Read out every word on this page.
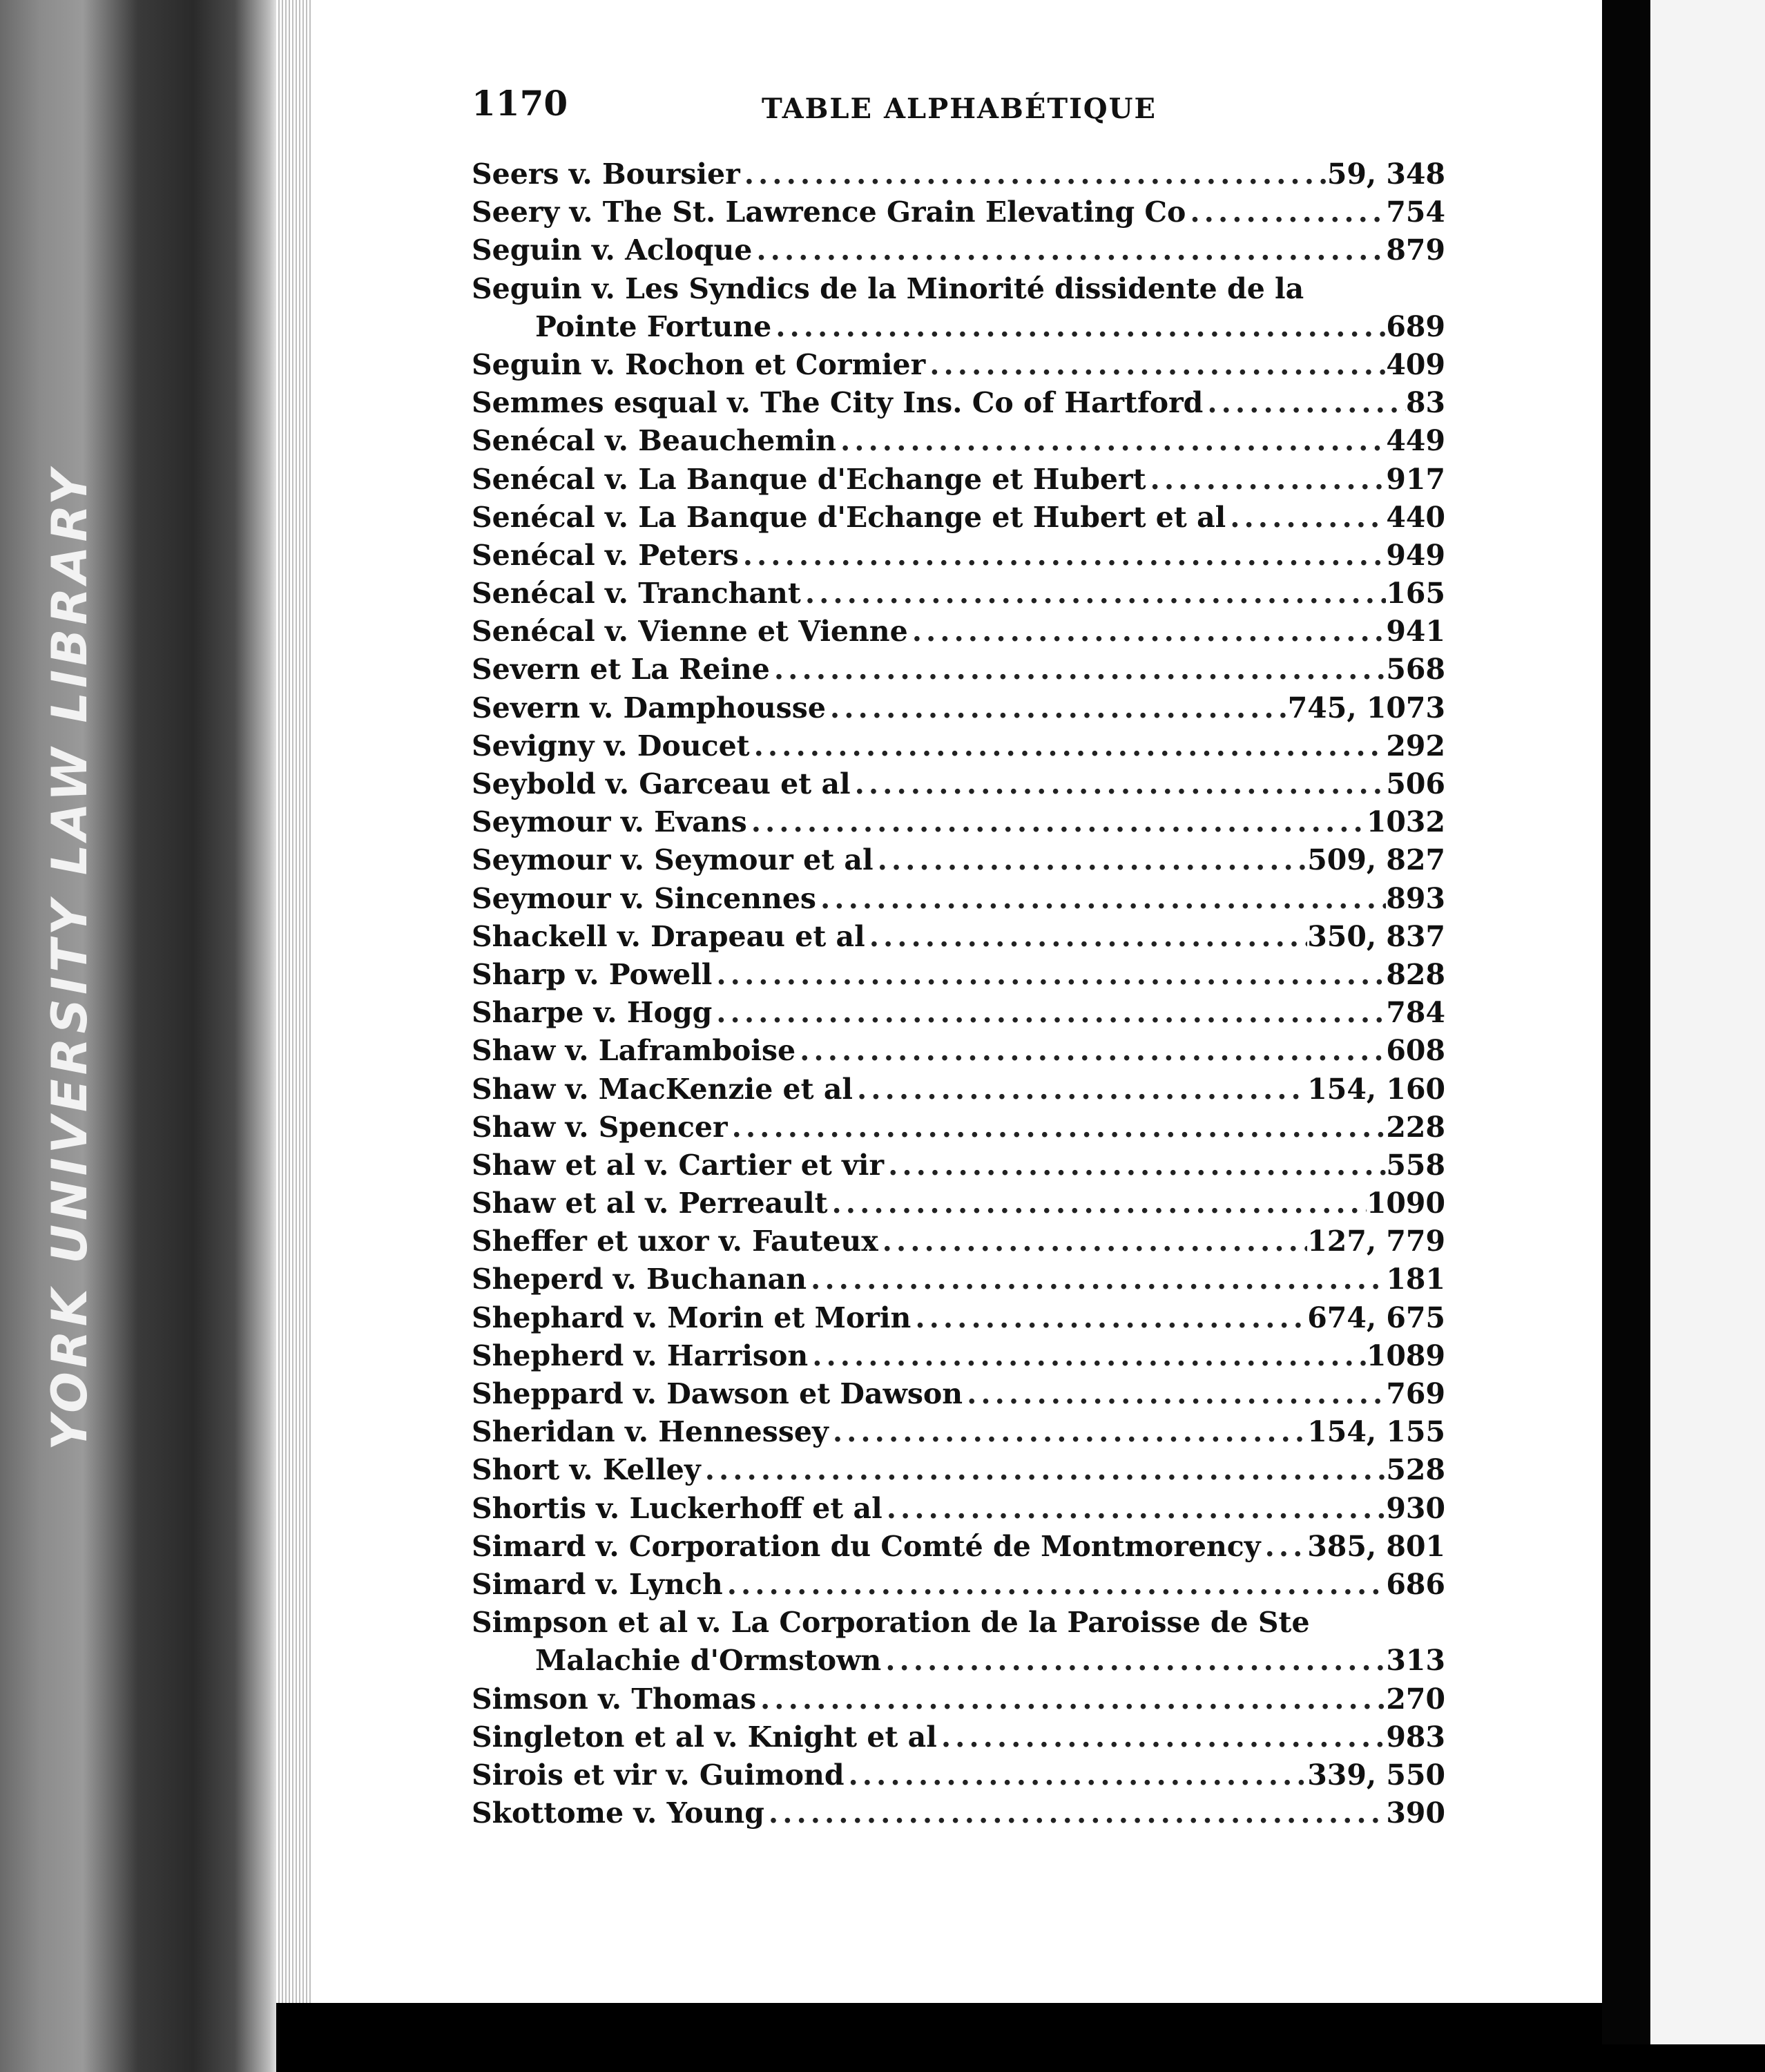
YORK UNIVERSITY LAW LIBRARY
1170	TABLE ALPHABÉTIQUE
Seers v. Boursier .....	59, 348
Seery v. The St. Lawrence Grain Elevating Co .....	754
Seguin v. Acloque .....	879
Seguin v. Les Syndics de la Minorité dissidente de la
Pointe Fortune .....	689
Seguin v. Rochon et Cormier .....	409
Semmes esqual v. The City Ins. Co of Hartford .....	83
Senécal v. Beauchemin .....	449
Senécal v. La Banque d'Echange et Hubert .....	917
Senécal v. La Banque d'Echange et Hubert et al .....	440
Senécal v. Peters .....	949
Senécal v. Tranchant .....	165
Senécal v. Vienne et Vienne .....	941
Severn et La Reine .....	568
Severn v. Damphousse .....	745, 1073
Sevigny v. Doucet .....	292
Seybold v. Garceau et al .....	506
Seymour v. Evans .....	1032
Seymour v. Seymour et al .....	509, 827
Seymour v. Sincennes .....	893
Shackell v. Drapeau et al .....	350, 837
Sharp v. Powell .....	828
Sharpe v. Hogg .....	784
Shaw v. Laframboise .....	608
Shaw v. MacKenzie et al .....	154, 160
Shaw v. Spencer .....	228
Shaw et al v. Cartier et vir .....	558
Shaw et al v. Perreault .....	1090
Sheffer et uxor v. Fauteux .....	127, 779
Sheperd v. Buchanan .....	181
Shephard v. Morin et Morin .....	674, 675
Shepherd v. Harrison .....	1089
Sheppard v. Dawson et Dawson .....	769
Sheridan v. Hennessey .....	154, 155
Short v. Kelley .....	528
Shortis v. Luckerhoff et al .....	930
Simard v. Corporation du Comté de Montmorency ..... 385, 801
Simard v. Lynch .....	686
Simpson et al v. La Corporation de la Paroisse de Ste
Malachie d'Ormstown .....	313
Simson v. Thomas .....	270
Singleton et al v. Knight et al .....	983
Sirois et vir v. Guimond .....	339, 550
Skottome v. Young .....	390
